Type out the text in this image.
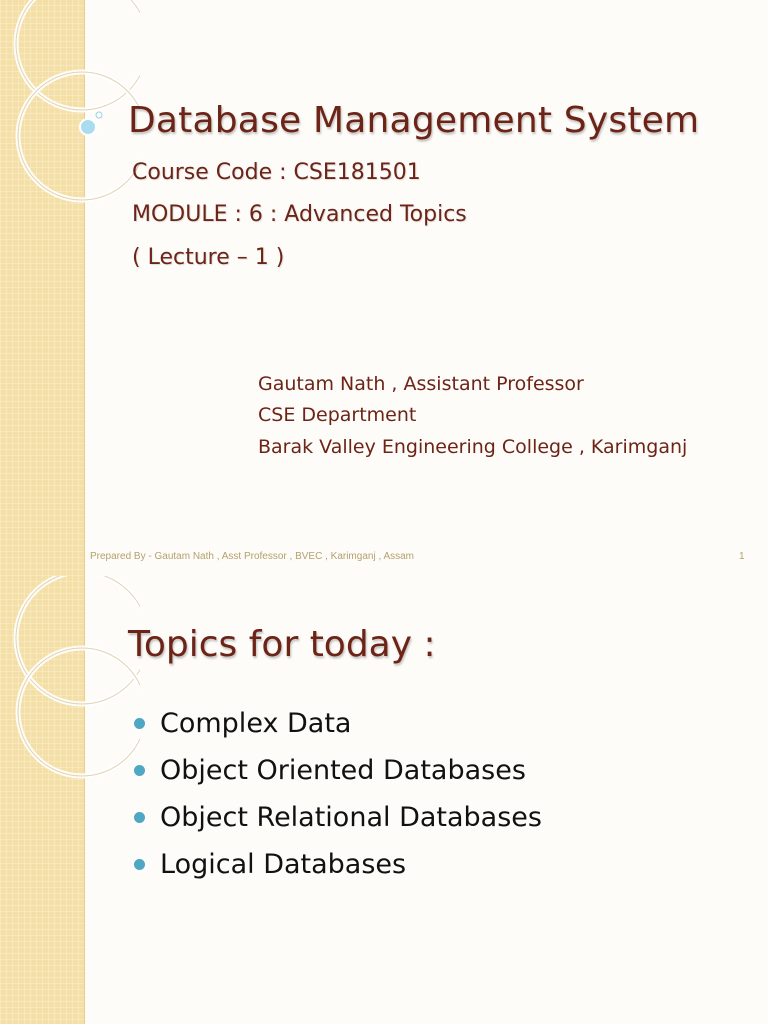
Database Management System

Course Code : CSE181501

MODULE : 6 : Advanced Topics

( Lecture – 1 )

Gautam Nath , Assistant Professor

CSE Department

Barak Valley Engineering College , Karimganj

Prepared By - Gautam Nath , Asst Professor , BVEC , Karimganj , Assam	1
Topics for today :
Complex Data
Object Oriented Databases
Object Relational Databases
Logical Databases
